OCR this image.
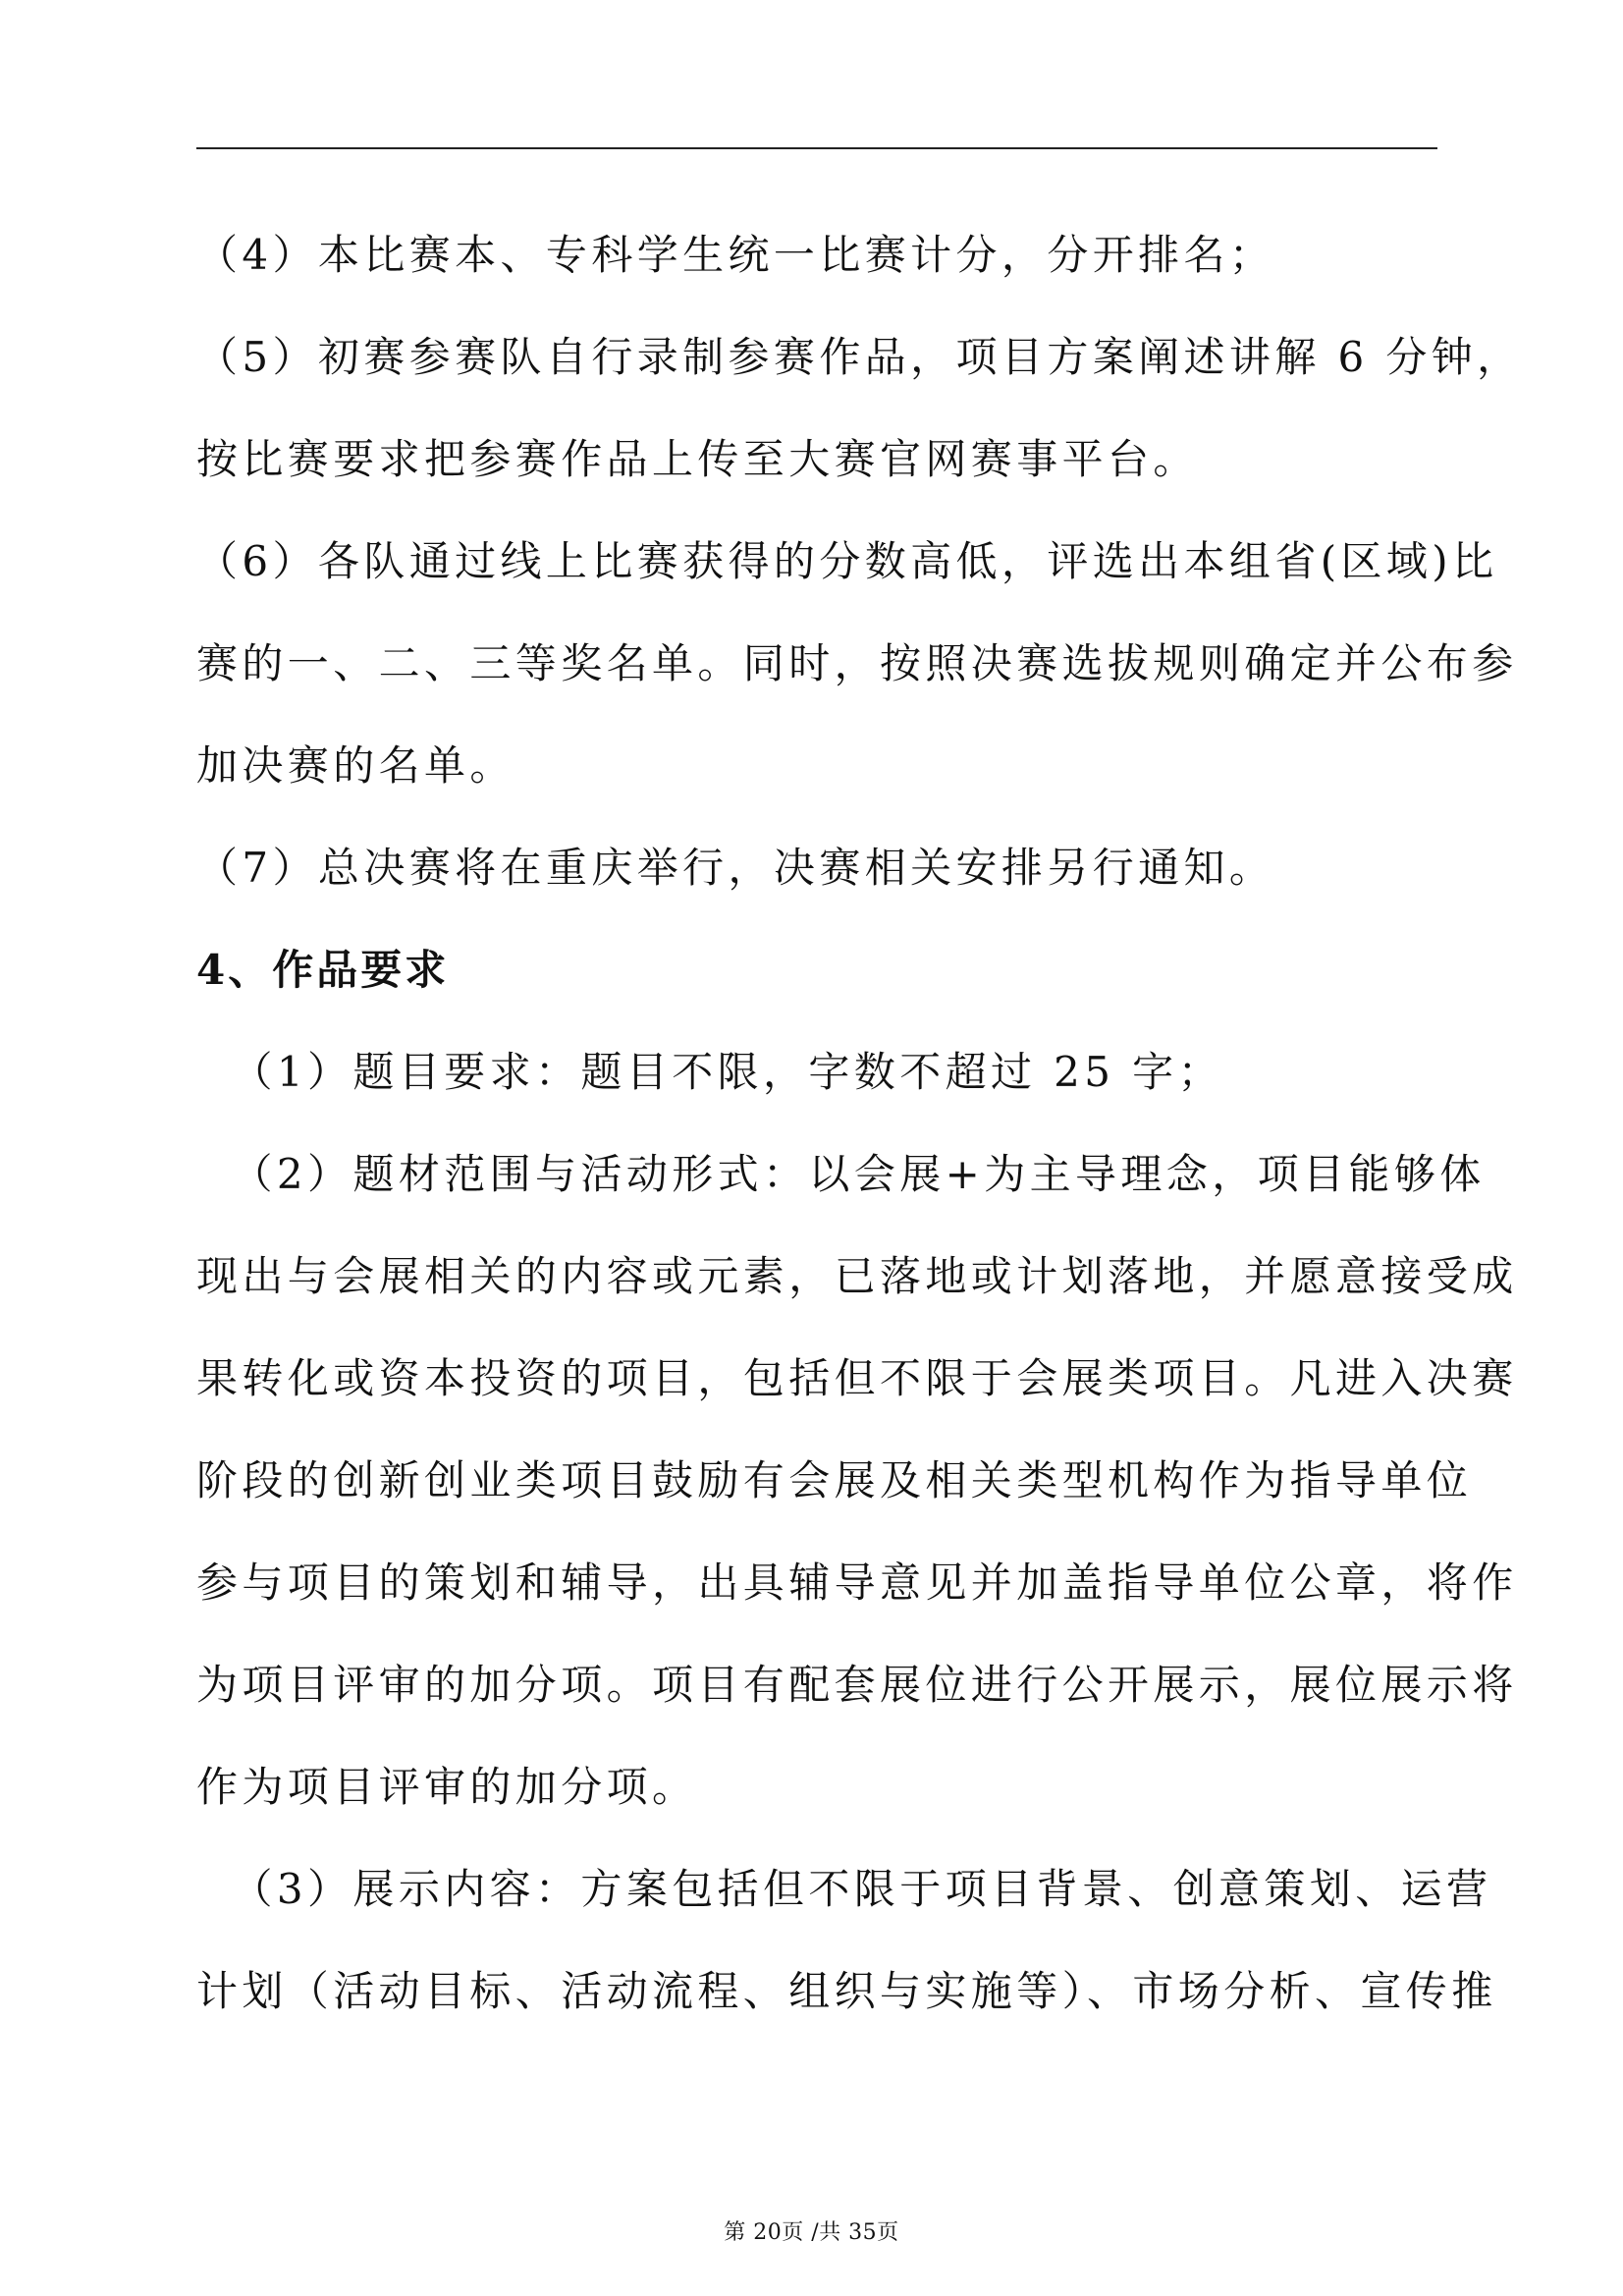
（4）本比赛本、专科学生统一比赛计分，分开排名；
（5）初赛参赛队自行录制参赛作品，项目方案阐述讲解 6 分钟，
按比赛要求把参赛作品上传至大赛官网赛事平台。
（6）各队通过线上比赛获得的分数高低，评选出本组省(区域)比
赛的一、二、三等奖名单。同时，按照决赛选拔规则确定并公布参
加决赛的名单。
（7）总决赛将在重庆举行，决赛相关安排另行通知。
4、作品要求
（1）题目要求：题目不限，字数不超过 25 字；
（2）题材范围与活动形式：以会展+为主导理念，项目能够体
现出与会展相关的内容或元素，已落地或计划落地，并愿意接受成
果转化或资本投资的项目，包括但不限于会展类项目。凡进入决赛
阶段的创新创业类项目鼓励有会展及相关类型机构作为指导单位
参与项目的策划和辅导，出具辅导意见并加盖指导单位公章，将作
为项目评审的加分项。项目有配套展位进行公开展示，展位展示将
作为项目评审的加分项。
（3）展示内容：方案包括但不限于项目背景、创意策划、运营
计划（活动目标、活动流程、组织与实施等）、市场分析、宣传推
第 20页 /共 35页
